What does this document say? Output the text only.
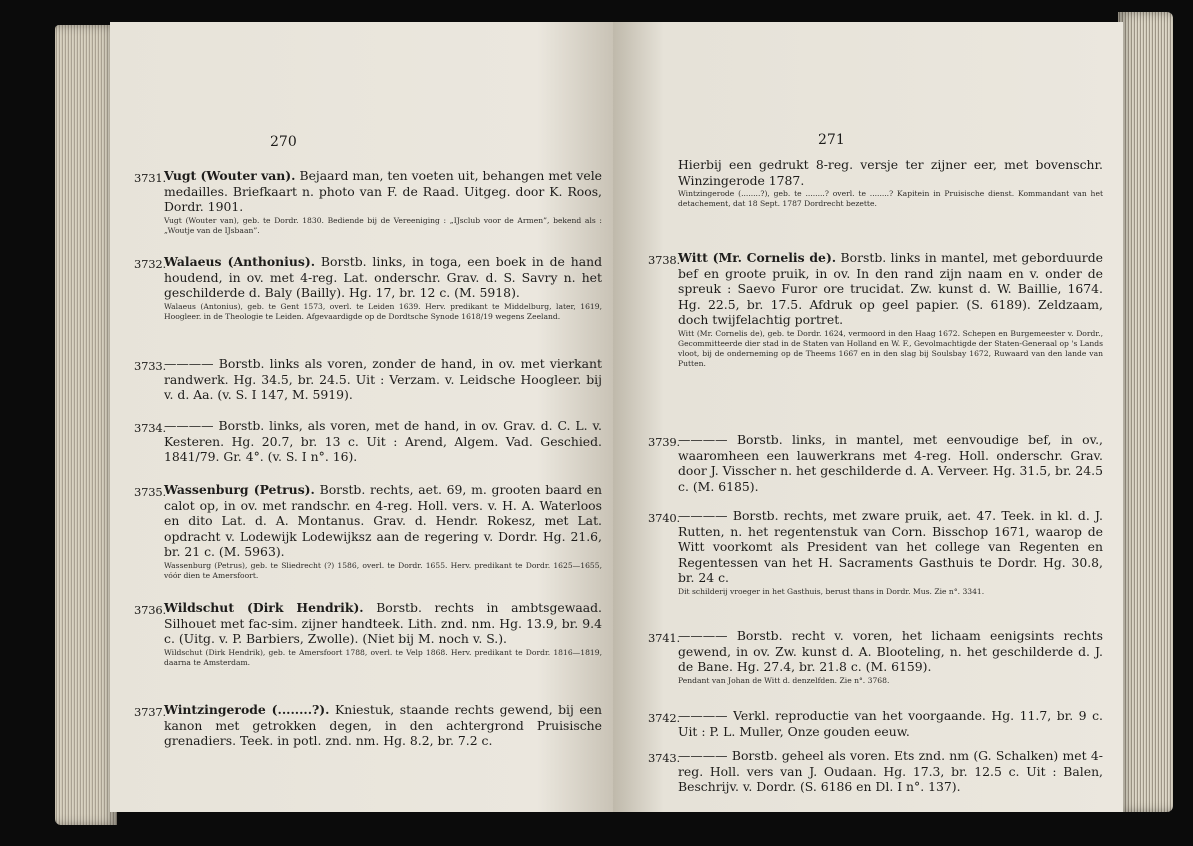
270
3731.
Vugt (Wouter van). Bejaard man, ten voeten uit, behangen met vele medailles. Briefkaart n. photo van F. de Raad. Uitgeg. door K. Roos, Dordr. 1901.
Vugt (Wouter van), geb. te Dordr. 1830. Bediende bij de Vereeniging : „IJsclub voor de Armen”, bekend als : „Woutje van de IJsbaan”.
3732.
Walaeus (Anthonius). Borstb. links, in toga, een boek in de hand houdend, in ov. met 4-reg. Lat. onderschr. Grav. d. S. Savry n. het geschilderde d. Baly (Bailly). Hg. 17, br. 12 c. (M. 5918).
Walaeus (Antonius), geb. te Gent 1573, overl. te Leiden 1639. Herv. predikant te Middelburg, later, 1619, Hoogleer. in de Theologie te Leiden. Afgevaardigde op de Dordtsche Synode 1618/19 wegens Zeeland.
3733.
———— Borstb. links als voren, zonder de hand, in ov. met vierkant randwerk. Hg. 34.5, br. 24.5. Uit : Verzam. v. Leidsche Hoogleer. bij v. d. Aa. (v. S. I 147, M. 5919).
3734.
———— Borstb. links, als voren, met de hand, in ov. Grav. d. C. L. v. Kesteren. Hg. 20.7, br. 13 c. Uit : Arend, Algem. Vad. Geschied. 1841/79. Gr. 4°. (v. S. I n°. 16).
3735.
Wassenburg (Petrus). Borstb. rechts, aet. 69, m. grooten baard en calot op, in ov. met randschr. en 4-reg. Holl. vers. v. H. A. Waterloos en dito Lat. d. A. Montanus. Grav. d. Hendr. Rokesz, met Lat. opdracht v. Lodewijk Lodewijksz aan de regering v. Dordr. Hg. 21.6, br. 21 c. (M. 5963).
Wassenburg (Petrus), geb. te Sliedrecht (?) 1586, overl. te Dordr. 1655. Herv. predikant te Dordr. 1625—1655, vóór dien te Amersfoort.
3736.
Wildschut (Dirk Hendrik). Borstb. rechts in ambtsgewaad. Silhouet met fac-sim. zijner handteek. Lith. znd. nm. Hg. 13.9, br. 9.4 c. (Uitg. v. P. Barbiers, Zwolle). (Niet bij M. noch v. S.).
Wildschut (Dirk Hendrik), geb. te Amersfoort 1788, overl. te Velp 1868. Herv. predikant te Dordr. 1816—1819, daarna te Amsterdam.
3737.
Wintzingerode (........?). Kniestuk, staande rechts gewend, bij een kanon met getrokken degen, in den achtergrond Pruisische grenadiers. Teek. in potl. znd. nm. Hg. 8.2, br. 7.2 c.
271
Hierbij een gedrukt 8-reg. versje ter zijner eer, met bovenschr. Winzingerode 1787.
Wintzingerode (........?), geb. te ........? overl. te ........? Kapitein in Pruisische dienst. Kommandant van het detachement, dat 18 Sept. 1787 Dordrecht bezette.
3738.
Witt (Mr. Cornelis de). Borstb. links in mantel, met geborduurde bef en groote pruik, in ov. In den rand zijn naam en v. onder de spreuk : Saevo Furor ore trucidat. Zw. kunst d. W. Baillie, 1674. Hg. 22.5, br. 17.5. Afdruk op geel papier. (S. 6189). Zeldzaam, doch twijfelachtig portret.
Witt (Mr. Cornelis de), geb. te Dordr. 1624, vermoord in den Haag 1672. Schepen en Burgemeester v. Dordr., Gecommitteerde dier stad in de Staten van Holland en W. F., Gevolmachtigde der Staten-Generaal op 's Lands vloot, bij de onderneming op de Theems 1667 en in den slag bij Soulsbay 1672, Ruwaard van den lande van Putten.
3739.
———— Borstb. links, in mantel, met eenvoudige bef, in ov., waaromheen een lauwerkrans met 4-reg. Holl. onderschr. Grav. door J. Visscher n. het geschilderde d. A. Verveer. Hg. 31.5, br. 24.5 c. (M. 6185).
3740.
———— Borstb. rechts, met zware pruik, aet. 47. Teek. in kl. d. J. Rutten, n. het regentenstuk van Corn. Bisschop 1671, waarop de Witt voorkomt als President van het college van Regenten en Regentessen van het H. Sacraments Gasthuis te Dordr. Hg. 30.8, br. 24 c.
Dit schilderij vroeger in het Gasthuis, berust thans in Dordr. Mus. Zie n°. 3341.
3741.
———— Borstb. recht v. voren, het lichaam eenigsints rechts gewend, in ov. Zw. kunst d. A. Blooteling, n. het geschilderde d. J. de Bane. Hg. 27.4, br. 21.8 c. (M. 6159).
Pendant van Johan de Witt d. denzelfden. Zie n°. 3768.
3742.
———— Verkl. reproductie van het voorgaande. Hg. 11.7, br. 9 c. Uit : P. L. Muller, Onze gouden eeuw.
3743.
———— Borstb. geheel als voren. Ets znd. nm (G. Schalken) met 4-reg. Holl. vers van J. Oudaan. Hg. 17.3, br. 12.5 c. Uit : Balen, Beschrijv. v. Dordr. (S. 6186 en Dl. I n°. 137).
